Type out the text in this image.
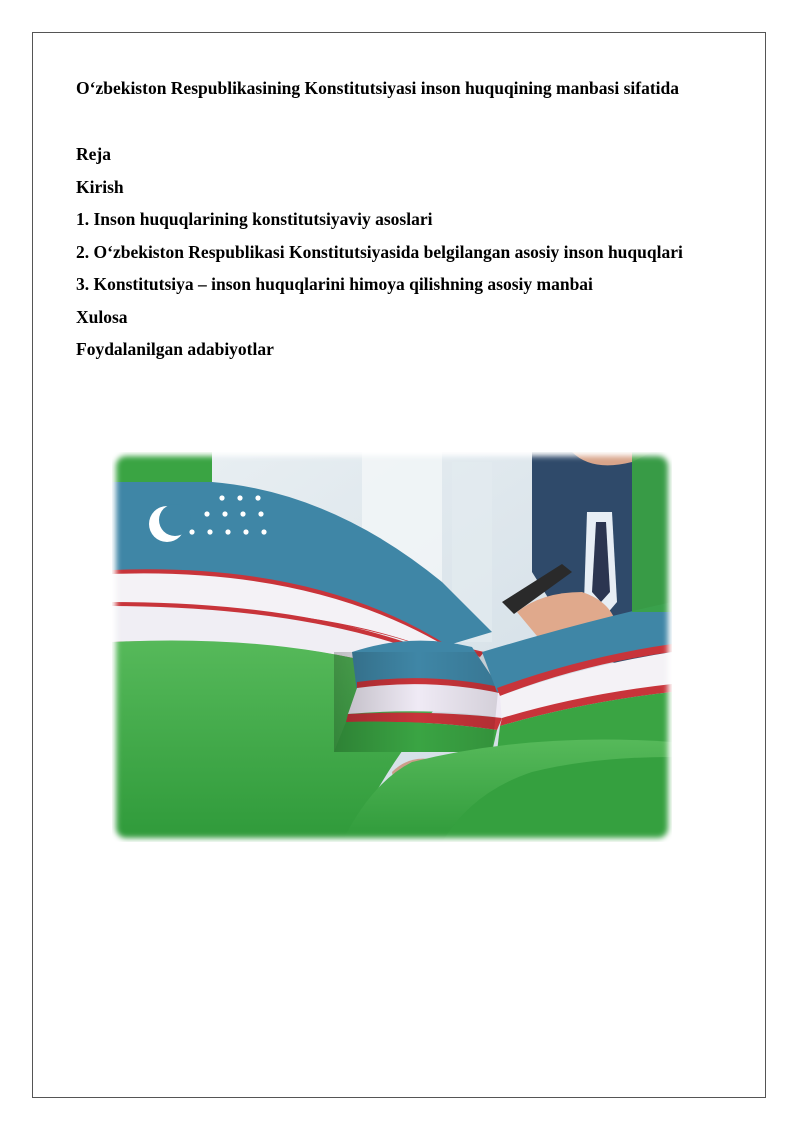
O‘zbekiston Respublikasining Konstitutsiyasi inson huquqining manbasi sifatida
Reja
Kirish
1. Inson huquqlarining konstitutsiyaviy asoslari
2. O‘zbekiston Respublikasi Konstitutsiyasida belgilangan asosiy inson huquqlari
3. Konstitutsiya – inson huquqlarini himoya qilishning asosiy manbai
Xulosa
Foydalanilgan adabiyotlar
